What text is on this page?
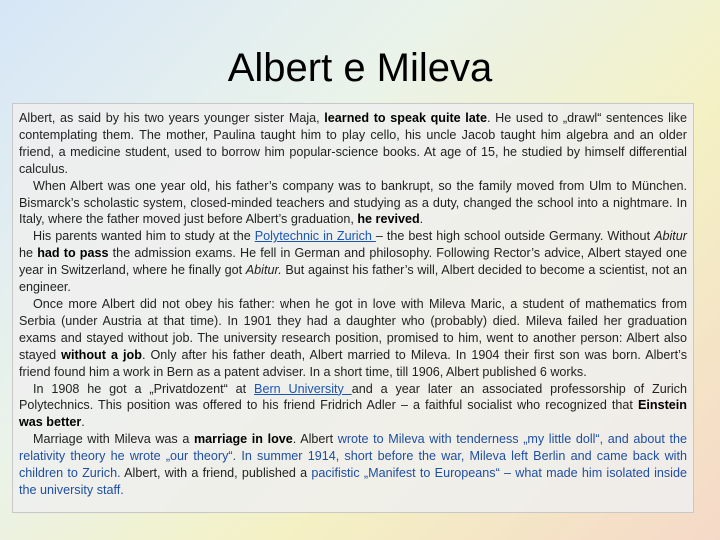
Albert e Mileva

Albert, as said by his two years younger sister Maja, learned to speak quite late. He used to „drawl“ sentences like contemplating them. The mother, Paulina taught him to play cello, his uncle Jacob taught him algebra and an older friend, a medicine student, used to borrow him popular-science books. At age of 15, he studied by himself differential calculus.

When Albert was one year old, his father’s company was to bankrupt, so the family moved from Ulm to München. Bismarck’s scholastic system, closed-minded teachers and studying as a duty, changed the school into a nightmare. In Italy, where the father moved just before Albert’s graduation, he revived.

His parents wanted him to study at the Polytechnic in Zurich – the best high school outside Germany. Without Abitur he had to pass the admission exams. He fell in German and philosophy. Following Rector’s advice, Albert stayed one year in Switzerland, where he finally got Abitur. But against his father’s will, Albert decided to become a scientist, not an engineer.

Once more Albert did not obey his father: when he got in love with Mileva Maric, a student of mathematics from Serbia (under Austria at that time). In 1901 they had a daughter who (probably) died. Mileva failed her graduation exams and stayed without job. The university research position, promised to him, went to another person: Albert also stayed without a job. Only after his father death, Albert married to Mileva. In 1904 their first son was born. Albert’s friend found him a work in Bern as a patent adviser. In a short time, till 1906, Albert published 6 works.

In 1908 he got a „Privatdozent“ at Bern University and a year later an associated professorship of Zurich Polytechnics. This position was offered to his friend Fridrich Adler – a faithful socialist who recognized that Einstein was better.

Marriage with Mileva was a marriage in love. Albert wrote to Mileva with tenderness „my little doll“, and about the relativity theory he wrote „our theory“. In summer 1914, short before the war, Mileva left Berlin and came back with children to Zurich. Albert, with a friend, published a pacifistic „Manifest to Europeans“ – what made him isolated inside the university staff.
